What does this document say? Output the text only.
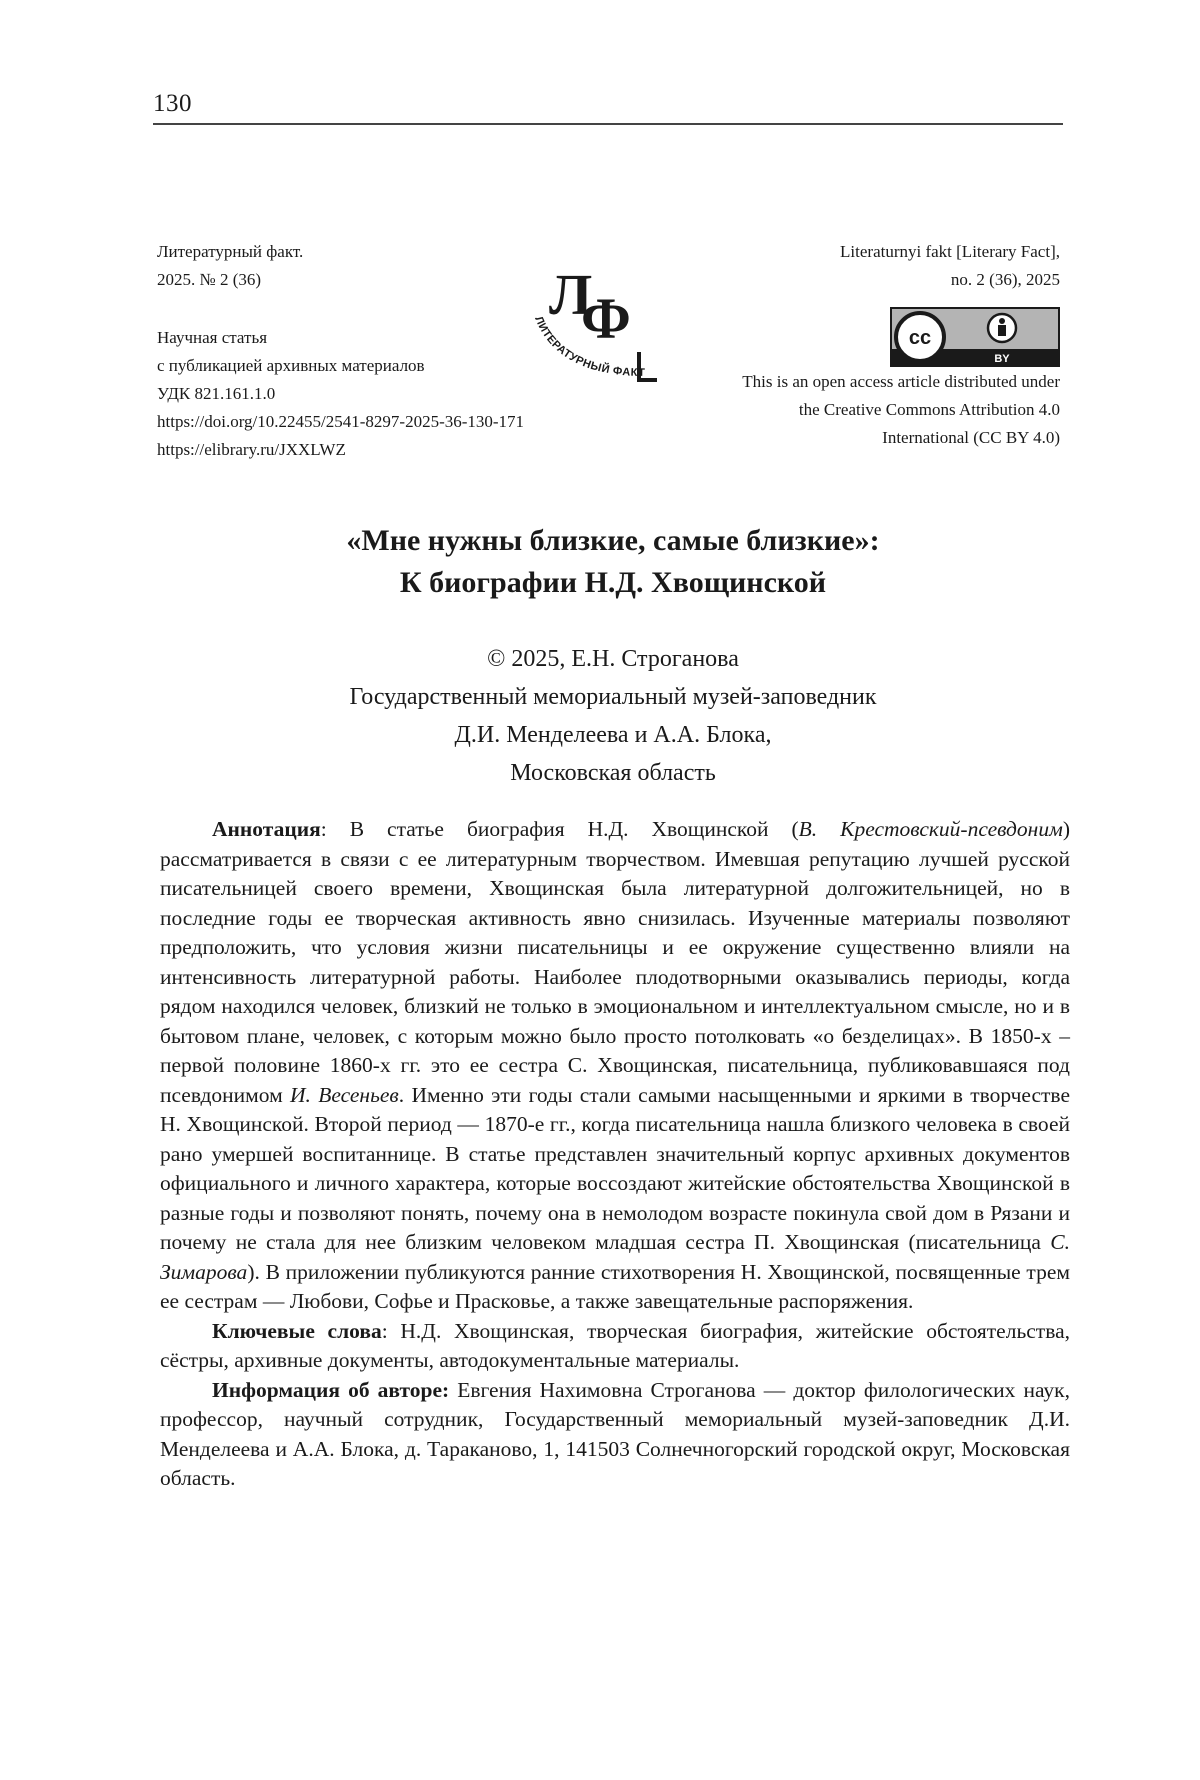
130
Литературный факт.
2025. № 2 (36)
Научная статья
с публикацией архивных материалов
УДК 821.161.1.0
https://doi.org/10.22455/2541-8297-2025-36-130-171
https://elibrary.ru/JXXLWZ
Л
Ф
ЛИТЕРАТУРНЫЙ ФАКТ
Literaturnyi fakt [Literary Fact],
no. 2 (36), 2025
cc
BY
This is an open access article distributed under
the Creative Commons Attribution 4.0
International (CC BY 4.0)
«Мне нужны близкие, самые близкие»:
К биографии Н.Д. Хвощинской
© 2025, Е.Н. Строганова
Государственный мемориальный музей-заповедник
Д.И. Менделеева и А.А. Блока,
Московская область

Аннотация: В статье биография Н.Д. Хвощинской (В. Крестовский-псевдоним) рассматривается в связи с ее литературным творчеством. Имевшая репутацию лучшей русской писательницей своего времени, Хвощинская была литературной долгожительницей, но в последние годы ее творческая активность явно снизилась. Изученные материалы позволяют предположить, что условия жизни писательницы и ее окружение существенно влияли на интенсивность литературной работы. Наиболее плодотворными оказывались периоды, когда рядом находился человек, близкий не только в эмоциональном и интеллектуальном смысле, но и в бытовом плане, человек, с которым можно было просто потолковать «о безделицах». В 1850-х – первой половине 1860-х гг. это ее сестра С. Хвощинская, писательница, публиковавшаяся под псевдонимом И. Весеньев. Именно эти годы стали самыми насыщенными и яркими в творчестве Н. Хвощинской. Второй период — 1870-е гг., когда писательница нашла близкого человека в своей рано умершей воспитаннице. В статье представлен значительный корпус архивных документов официального и личного характера, которые воссоздают житейские обстоятельства Хвощинской в разные годы и позволяют понять, почему она в немолодом возрасте покинула свой дом в Рязани и почему не стала для нее близким человеком младшая сестра П. Хвощинская (писательница С. Зимарова). В приложении публикуются ранние стихотворения Н. Хвощинской, посвященные трем ее сестрам — Любови, Софье и Прасковье, а также завещательные распоряжения.

Ключевые слова: Н.Д. Хвощинская, творческая биография, житейские обстоятельства, сёстры, архивные документы, автодокументальные материалы.

Информация об авторе: Евгения Нахимовна Строганова — доктор филологических наук, профессор, научный сотрудник, Государственный мемориальный музей-заповедник Д.И. Менделеева и А.А. Блока, д. Тараканово, 1, 141503 Солнечногорский городской округ, Московская область.
